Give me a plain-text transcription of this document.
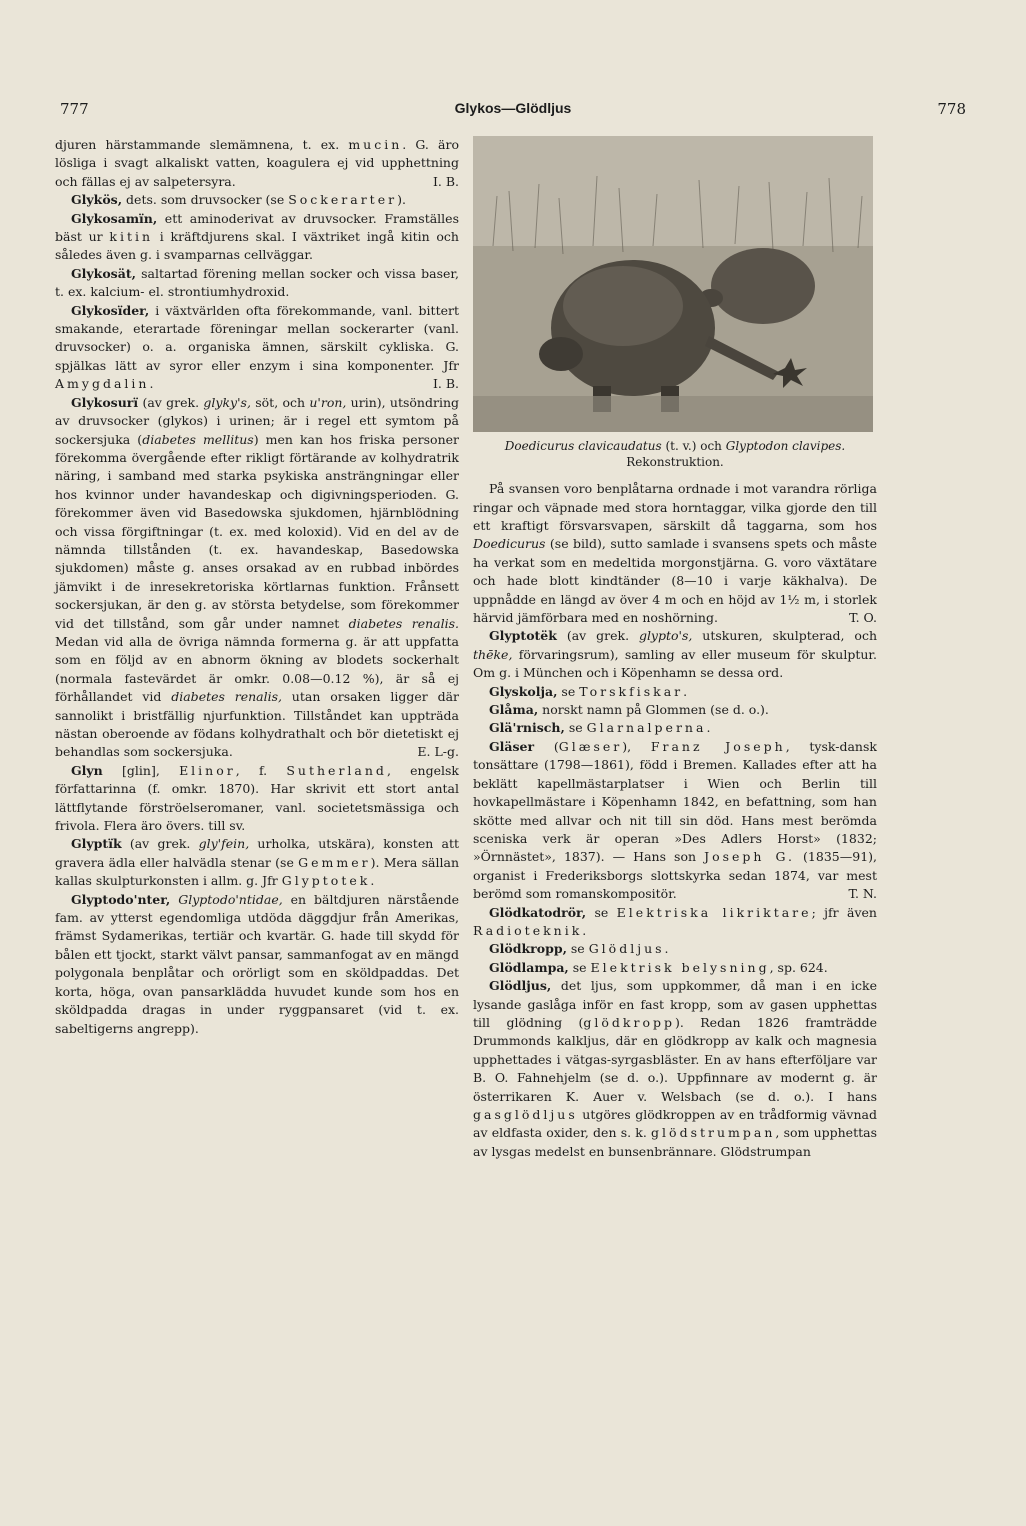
777	Glykos—Glödljus	778

djuren härstammande slemämnena, t. ex. mucin. G. äro lösliga i svagt alkaliskt vatten, koagulera ej vid upphettning och fällas ej av salpetersyra.	I. B.

Glykös, dets. som druvsocker (se Sockerarter).

Glykosamïn, ett aminoderivat av druvsocker. Framställes bäst ur kitin i kräftdjurens skal. I växtriket ingå kitin och således även g. i svamparnas cellväggar.

Glykosät, saltartad förening mellan socker och vissa baser, t. ex. kalcium- el. strontiumhydroxid.

Glykosïder, i växtvärlden ofta förekommande, vanl. bittert smakande, eterartade föreningar mellan sockerarter (vanl. druvsocker) o. a. organiska ämnen, särskilt cykliska. G. spjälkas lätt av syror eller enzym i sina komponenter. Jfr Amygdalin.	I. B.

Glykosurï (av grek. glyky's, söt, och u'ron, urin), utsöndring av druvsocker (glykos) i urinen; är i regel ett symtom på sockersjuka (diabetes mellitus) men kan hos friska personer förekomma övergående efter rikligt förtärande av kolhydratrik näring, i samband med starka psykiska ansträngningar eller hos kvinnor under havandeskap och digivningsperioden. G. förekommer även vid Basedowska sjukdomen, hjärnblödning och vissa förgiftningar (t. ex. med koloxid). Vid en del av de nämnda tillstånden (t. ex. havandeskap, Basedowska sjukdomen) måste g. anses orsakad av en rubbad inbördes jämvikt i de inresekretoriska körtlarnas funktion. Frånsett sockersjukan, är den g. av största betydelse, som förekommer vid det tillstånd, som går under namnet diabetes renalis. Medan vid alla de övriga nämnda formerna g. är att uppfatta som en följd av en abnorm ökning av blodets sockerhalt (normala fastevärdet är omkr. 0.08—0.12 %), är så ej förhållandet vid diabetes renalis, utan orsaken ligger där sannolikt i bristfällig njurfunktion. Tillståndet kan uppträda nästan oberoende av födans kolhydrathalt och bör dietetiskt ej behandlas som sockersjuka.	E. L-g.

Glyn [glin], Elinor, f. Sutherland, engelsk författarinna (f. omkr. 1870). Har skrivit ett stort antal lättflytande förströelseromaner, vanl. societetsmässiga och frivola. Flera äro övers. till sv.

Glyptïk (av grek. gly'fein, urholka, utskära), konsten att gravera ädla eller halvädla stenar (se Gemmer). Mera sällan kallas skulpturkonsten i allm. g. Jfr Glyptotek.

Glyptodo'nter, Glyptodo'ntidae, en bältdjuren närstående fam. av ytterst egendomliga utdöda däggdjur från Amerikas, främst Sydamerikas, tertiär och kvartär. G. hade till skydd för bålen ett tjockt, starkt välvt pansar, sammanfogat av en mängd polygonala benplåtar och orörligt som en sköldpaddas. Det korta, höga, ovan pansarklädda huvudet kunde som hos en sköldpadda dragas in under ryggpansaret (vid t. ex. sabeltigerns angrepp).

Doedicurus clavicaudatus (t. v.) och Glyptodon clavipes. Rekonstruktion.

På svansen voro benplåtarna ordnade i mot varandra rörliga ringar och väpnade med stora horntaggar, vilka gjorde den till ett kraftigt försvarsvapen, särskilt då taggarna, som hos Doedicurus (se bild), sutto samlade i svansens spets och måste ha verkat som en medeltida morgonstjärna. G. voro växtätare och hade blott kindtänder (8—10 i varje käkhalva). De uppnådde en längd av över 4 m och en höjd av 1½ m, i storlek härvid jämförbara med en noshörning.	T. O.

Glyptotëk (av grek. glypto's, utskuren, skulpterad, och thēke, förvaringsrum), samling av eller museum för skulptur. Om g. i München och i Köpenhamn se dessa ord.

Glyskolja, se Torskfiskar.

Glåma, norskt namn på Glommen (se d. o.).

Glä'rnisch, se Glarnalperna.

Gläser (Glæser), Franz Joseph, tysk-dansk tonsättare (1798—1861), född i Bremen. Kallades efter att ha beklätt kapellmästarplatser i Wien och Berlin till hovkapellmästare i Köpenhamn 1842, en befattning, som han skötte med allvar och nit till sin död. Hans mest berömda sceniska verk är operan »Des Adlers Horst» (1832; »Örnnästet», 1837). — Hans son Joseph G. (1835—91), organist i Frederiksborgs slottskyrka sedan 1874, var mest berömd som romanskompositör.	T. N.

Glödkatodrör, se Elektriska likriktare; jfr även Radioteknik.

Glödkropp, se Glödljus.

Glödlampa, se Elektrisk belysning, sp. 624.

Glödljus, det ljus, som uppkommer, då man i en icke lysande gaslåga inför en fast kropp, som av gasen upphettas till glödning (glödkropp). Redan 1826 framträdde Drummonds kalkljus, där en glödkropp av kalk och magnesia upphettades i vätgas-syrgasbläster. En av hans efterföljare var B. O. Fahnehjelm (se d. o.). Uppfinnare av modernt g. är österrikaren K. Auer v. Welsbach (se d. o.). I hans gasglödljus utgöres glödkroppen av en trådformig vävnad av eldfasta oxider, den s. k. glödstrumpan, som upphettas av lysgas medelst en bunsenbrännare. Glödstrumpan
